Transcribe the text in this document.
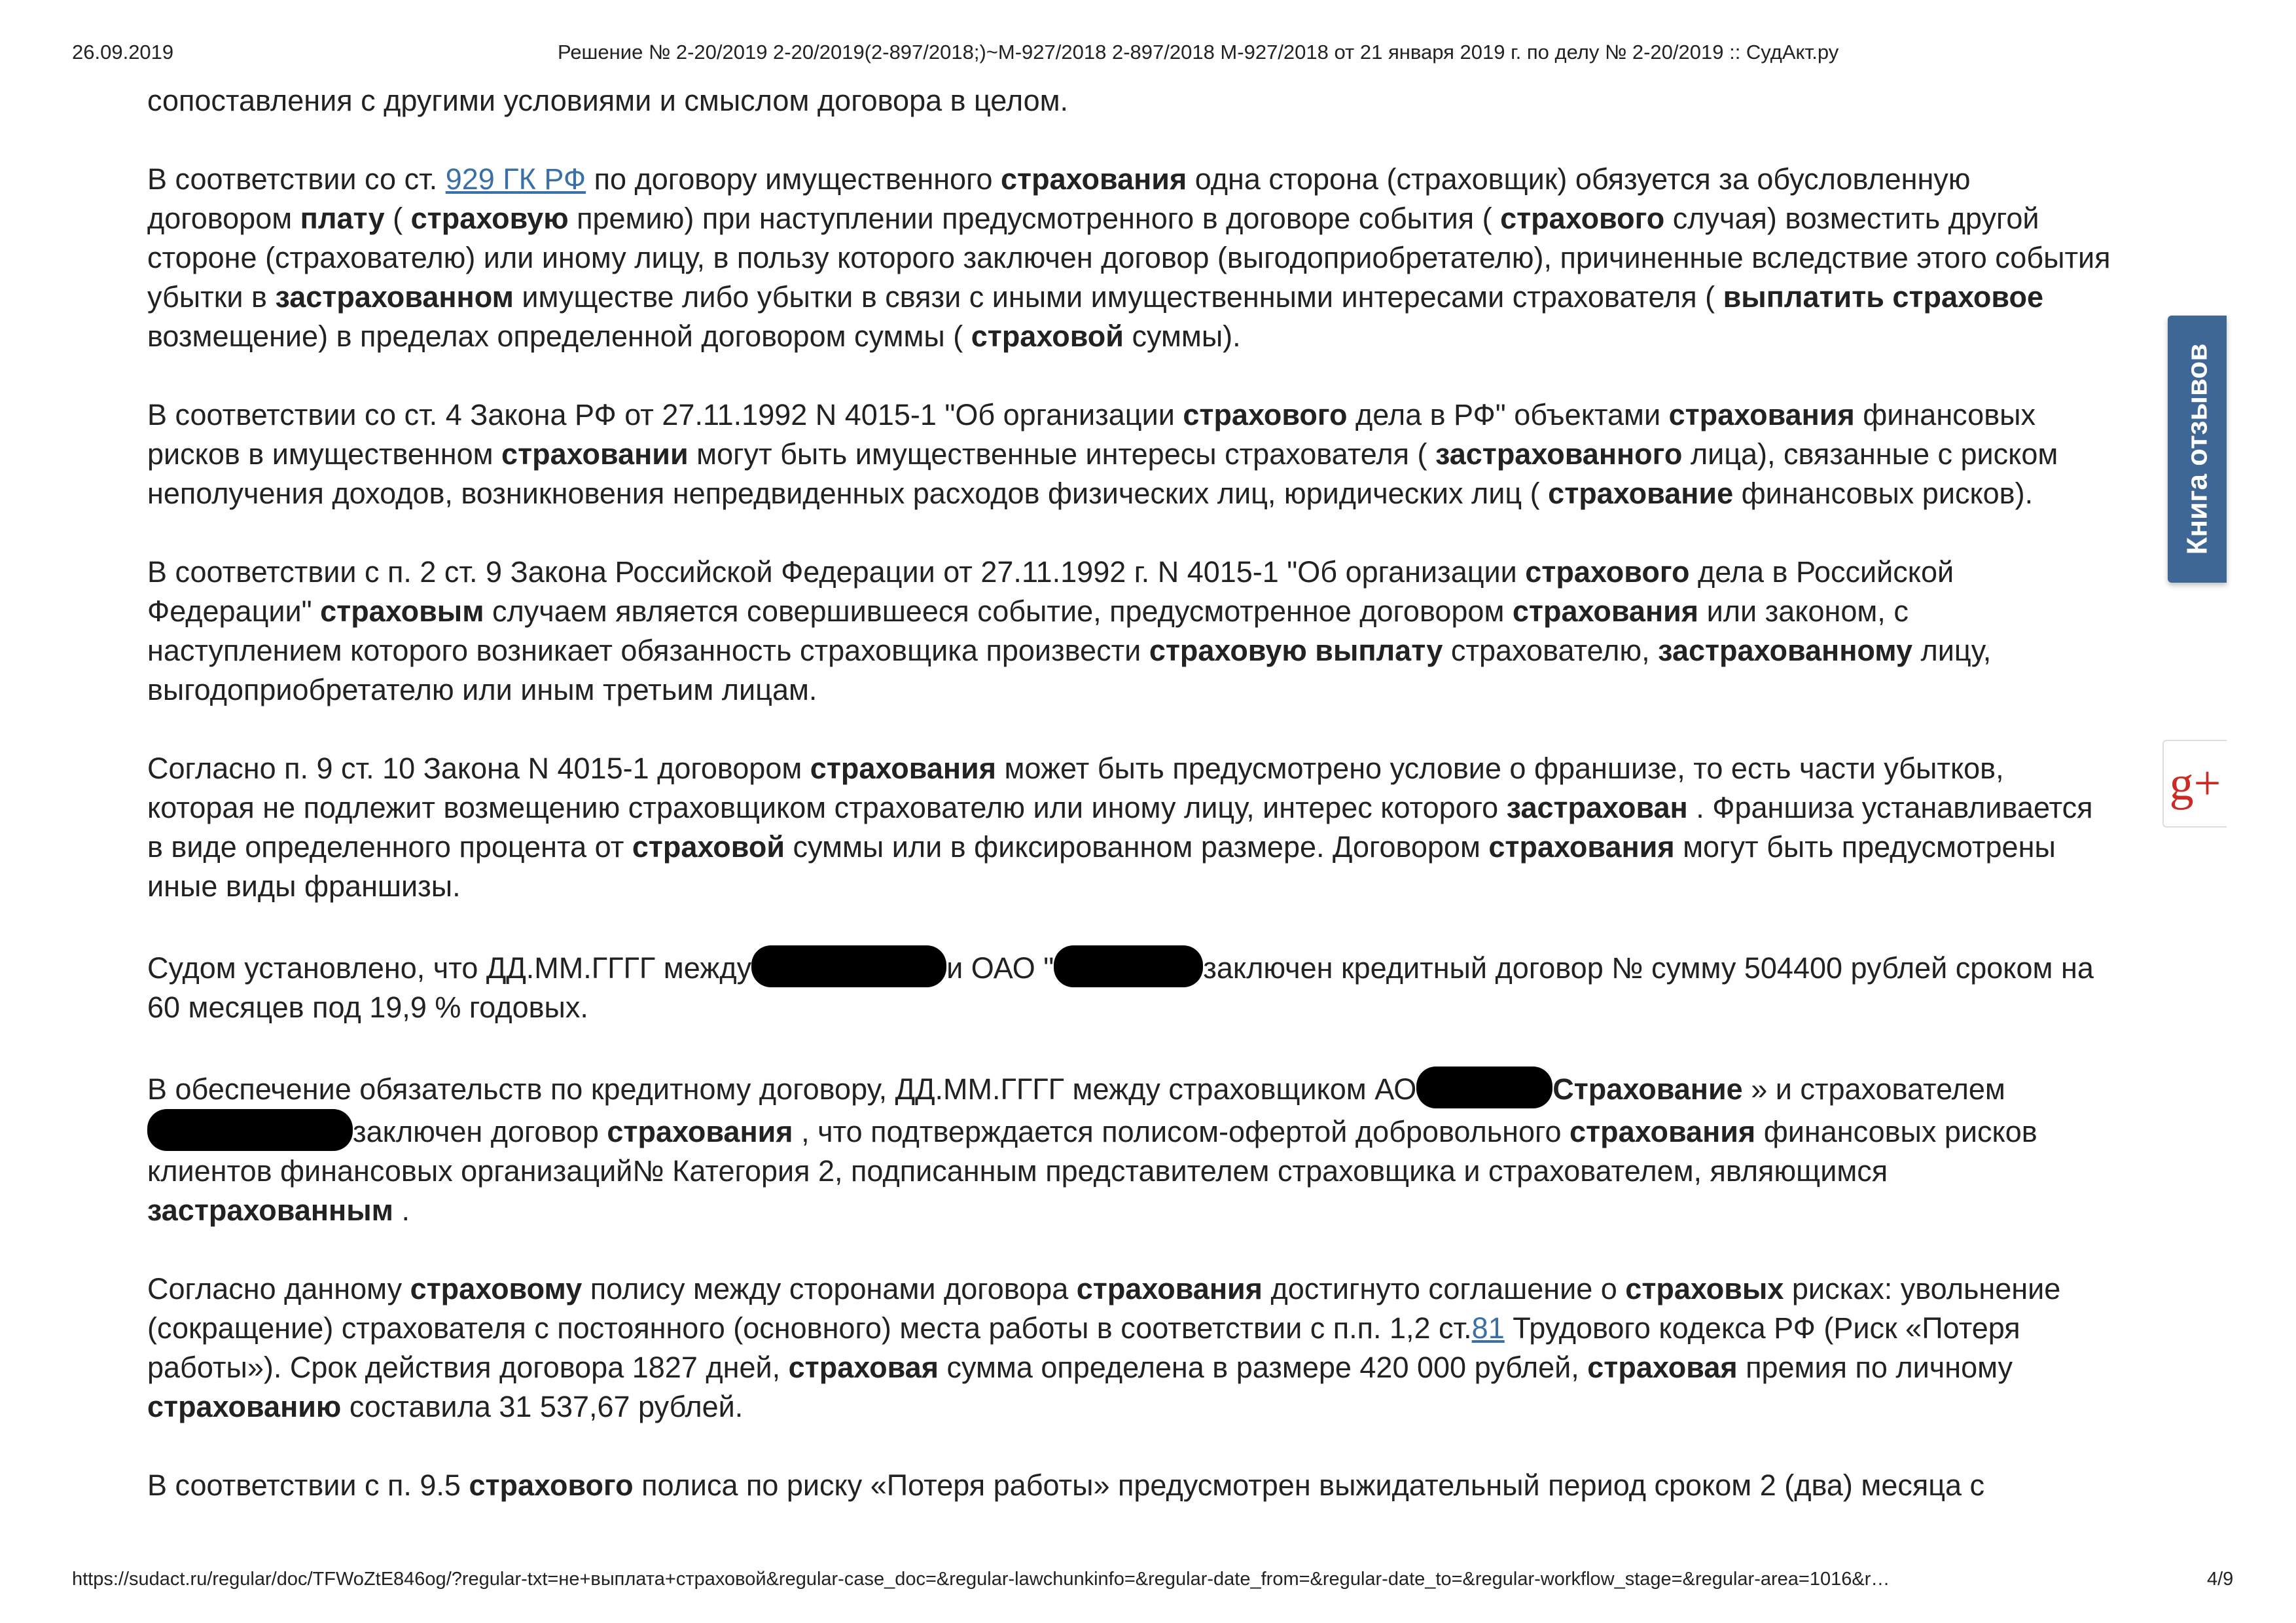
26.09.2019	Решение № 2-20/2019 2-20/2019(2-897/2018;)~М-927/2018 2-897/2018 М-927/2018 от 21 января 2019 г. по делу № 2-20/2019 :: СудАкт.ру

сопоставления с другими условиями и смыслом договора в целом.

В соответствии со ст. 929 ГК РФ по договору имущественного страхования одна сторона (страховщик) обязуется за обусловленную договором плату ( страховую премию) при наступлении предусмотренного в договоре события ( страхового случая) возместить другой стороне (страхователю) или иному лицу, в пользу которого заключен договор (выгодоприобретателю), причиненные вследствие этого события убытки в застрахованном имуществе либо убытки в связи с иными имущественными интересами страхователя ( выплатить страховое возмещение) в пределах определенной договором суммы ( страховой суммы).

В соответствии со ст. 4 Закона РФ от 27.11.1992 N 4015-1 "Об организации страхового дела в РФ" объектами страхования финансовых рисков в имущественном страховании могут быть имущественные интересы страхователя ( застрахованного лица), связанные с риском неполучения доходов, возникновения непредвиденных расходов физических лиц, юридических лиц ( страхование финансовых рисков).

В соответствии с п. 2 ст. 9 Закона Российской Федерации от 27.11.1992 г. N 4015-1 "Об организации страхового дела в Российской Федерации" страховым случаем является совершившееся событие, предусмотренное договором страхования или законом, с наступлением которого возникает обязанность страховщика произвести страховую выплату страхователю, застрахованному лицу, выгодоприобретателю или иным третьим лицам.

Согласно п. 9 ст. 10 Закона N 4015-1 договором страхования может быть предусмотрено условие о франшизе, то есть части убытков, которая не подлежит возмещению страховщиком страхователю или иному лицу, интерес которого застрахован . Франшиза устанавливается в виде определенного процента от страховой суммы или в фиксированном размере. Договором страхования могут быть предусмотрены иные виды франшизы.

Судом установлено, что ДД.ММ.ГГГГ между	и ОАО "	заключен кредитный договор № сумму 504400 рублей сроком на 60 месяцев под 19,9 % годовых.

В обеспечение обязательств по кредитному договору, ДД.ММ.ГГГГ между страховщиком АО	Страхование » и страхователемзаключен договор страхования , что подтверждается полисом-офертой добровольного страхования финансовых рисков клиентов финансовых организаций№ Категория 2, подписанным представителем страховщика и страхователем, являющимся застрахованным .

Согласно данному страховому полису между сторонами договора страхования достигнуто соглашение о страховых рисках: увольнение (сокращение) страхователя с постоянного (основного) места работы в соответствии с п.п. 1,2 ст.81 Трудового кодекса РФ (Риск «Потеря работы»). Срок действия договора 1827 дней, страховая сумма определена в размере 420 000 рублей, страховая премия по личному страхованию составила 31 537,67 рублей.

В соответствии с п. 9.5 страхового полиса по риску «Потеря работы» предусмотрен выжидательный период сроком 2 (два) месяца с

Книга отзывов
g+
https://sudact.ru/regular/doc/TFWoZtE846og/?regular-txt=не+выплата+страховой&regular-case_doc=&regular-lawchunkinfo=&regular-date_from=&regular-date_to=&regular-workflow_stage=&regular-area=1016&r…	4/9
